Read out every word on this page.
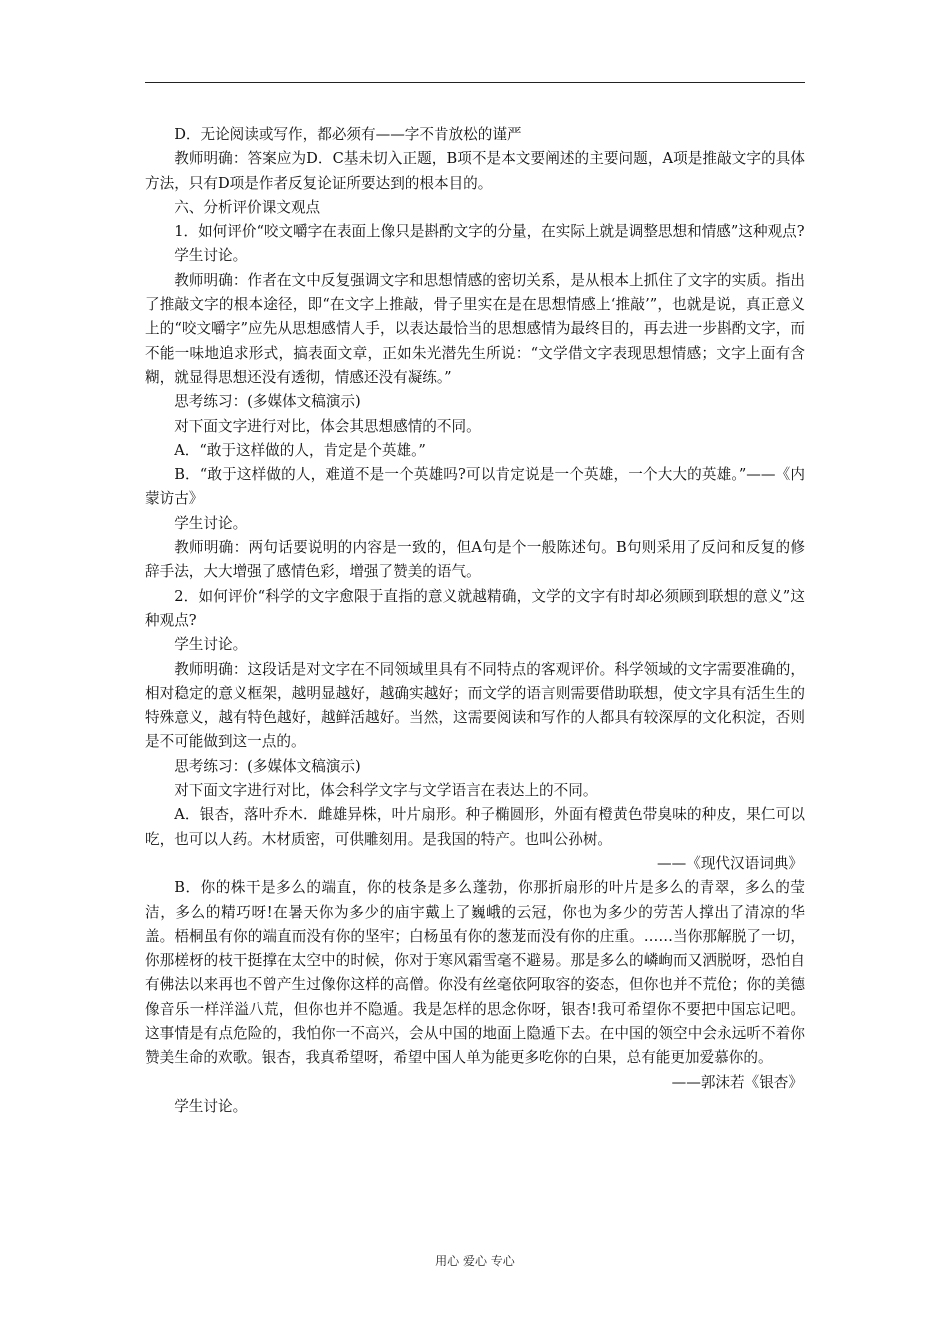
D．无论阅读或写作，都必须有——字不肯放松的谨严

教师明确：答案应为D．C基未切入正题，B项不是本文要阐述的主要问题，A项是推敲文字的具体方法，只有D项是作者反复论证所要达到的根本目的。

六、分析评价课文观点

1．如何评价“咬文嚼字在表面上像只是斟酌文字的分量，在实际上就是调整思想和情感”这种观点?

学生讨论。

教师明确：作者在文中反复强调文字和思想情感的密切关系，是从根本上抓住了文字的实质。指出了推敲文字的根本途径，即“在文字上推敲，骨子里实在是在思想情感上‘推敲’”，也就是说，真正意义上的“咬文嚼字”应先从思想感情人手，以表达最恰当的思想感情为最终目的，再去进一步斟酌文字，而不能一味地追求形式，搞表面文章，正如朱光潜先生所说：“文学借文字表现思想情感；文字上面有含糊，就显得思想还没有透彻，情感还没有凝练。”

思考练习：(多媒体文稿演示)

对下面文字进行对比，体会其思想感情的不同。

A．“敢于这样做的人，肯定是个英雄。”

B．“敢于这样做的人，难道不是一个英雄吗?可以肯定说是一个英雄，一个大大的英雄。”——《内蒙访古》

学生讨论。

教师明确：两句话要说明的内容是一致的，但A句是个一般陈述句。B句则采用了反问和反复的修辞手法，大大增强了感情色彩，增强了赞美的语气。

2．如何评价“科学的文字愈限于直指的意义就越精确，文学的文字有时却必须顾到联想的意义”这种观点?

学生讨论。

教师明确：这段话是对文字在不同领域里具有不同特点的客观评价。科学领域的文字需要准确的，相对稳定的意义框架，越明显越好，越确实越好；而文学的语言则需要借助联想，使文字具有活生生的特殊意义，越有特色越好，越鲜活越好。当然，这需要阅读和写作的人都具有较深厚的文化积淀，否则是不可能做到这一点的。

思考练习：(多媒体文稿演示)

对下面文字进行对比，体会科学文字与文学语言在表达上的不同。

A．银杏，落叶乔木．雌雄异株，叶片扇形。种子椭圆形，外面有橙黄色带臭味的种皮，果仁可以吃，也可以人药。木材质密，可供雕刻用。是我国的特产。也叫公孙树。

——《现代汉语词典》

B．你的株干是多么的端直，你的枝条是多么蓬勃，你那折扇形的叶片是多么的青翠，多么的莹洁，多么的精巧呀!在暑天你为多少的庙宇戴上了巍峨的云冠，你也为多少的劳苦人撑出了清凉的华盖。梧桐虽有你的端直而没有你的坚牢；白杨虽有你的葱茏而没有你的庄重。……当你那解脱了一切，你那槎枒的枝干挺撑在太空中的时候，你对于寒风霜雪毫不避易。那是多么的嶙峋而又洒脱呀，恐怕自有佛法以来再也不曾产生过像你这样的高僧。你没有丝毫依阿取容的姿态，但你也并不荒伧；你的美德像音乐一样洋溢八荒，但你也并不隐遁。我是怎样的思念你呀，银杏!我可希望你不要把中国忘记吧。这事情是有点危险的，我怕你一不高兴，会从中国的地面上隐遁下去。在中国的领空中会永远听不着你赞美生命的欢歌。银杏，我真希望呀，希望中国人单为能更多吃你的白果，总有能更加爱慕你的。

——郭沫若《银杏》

学生讨论。

用心 爱心 专心
